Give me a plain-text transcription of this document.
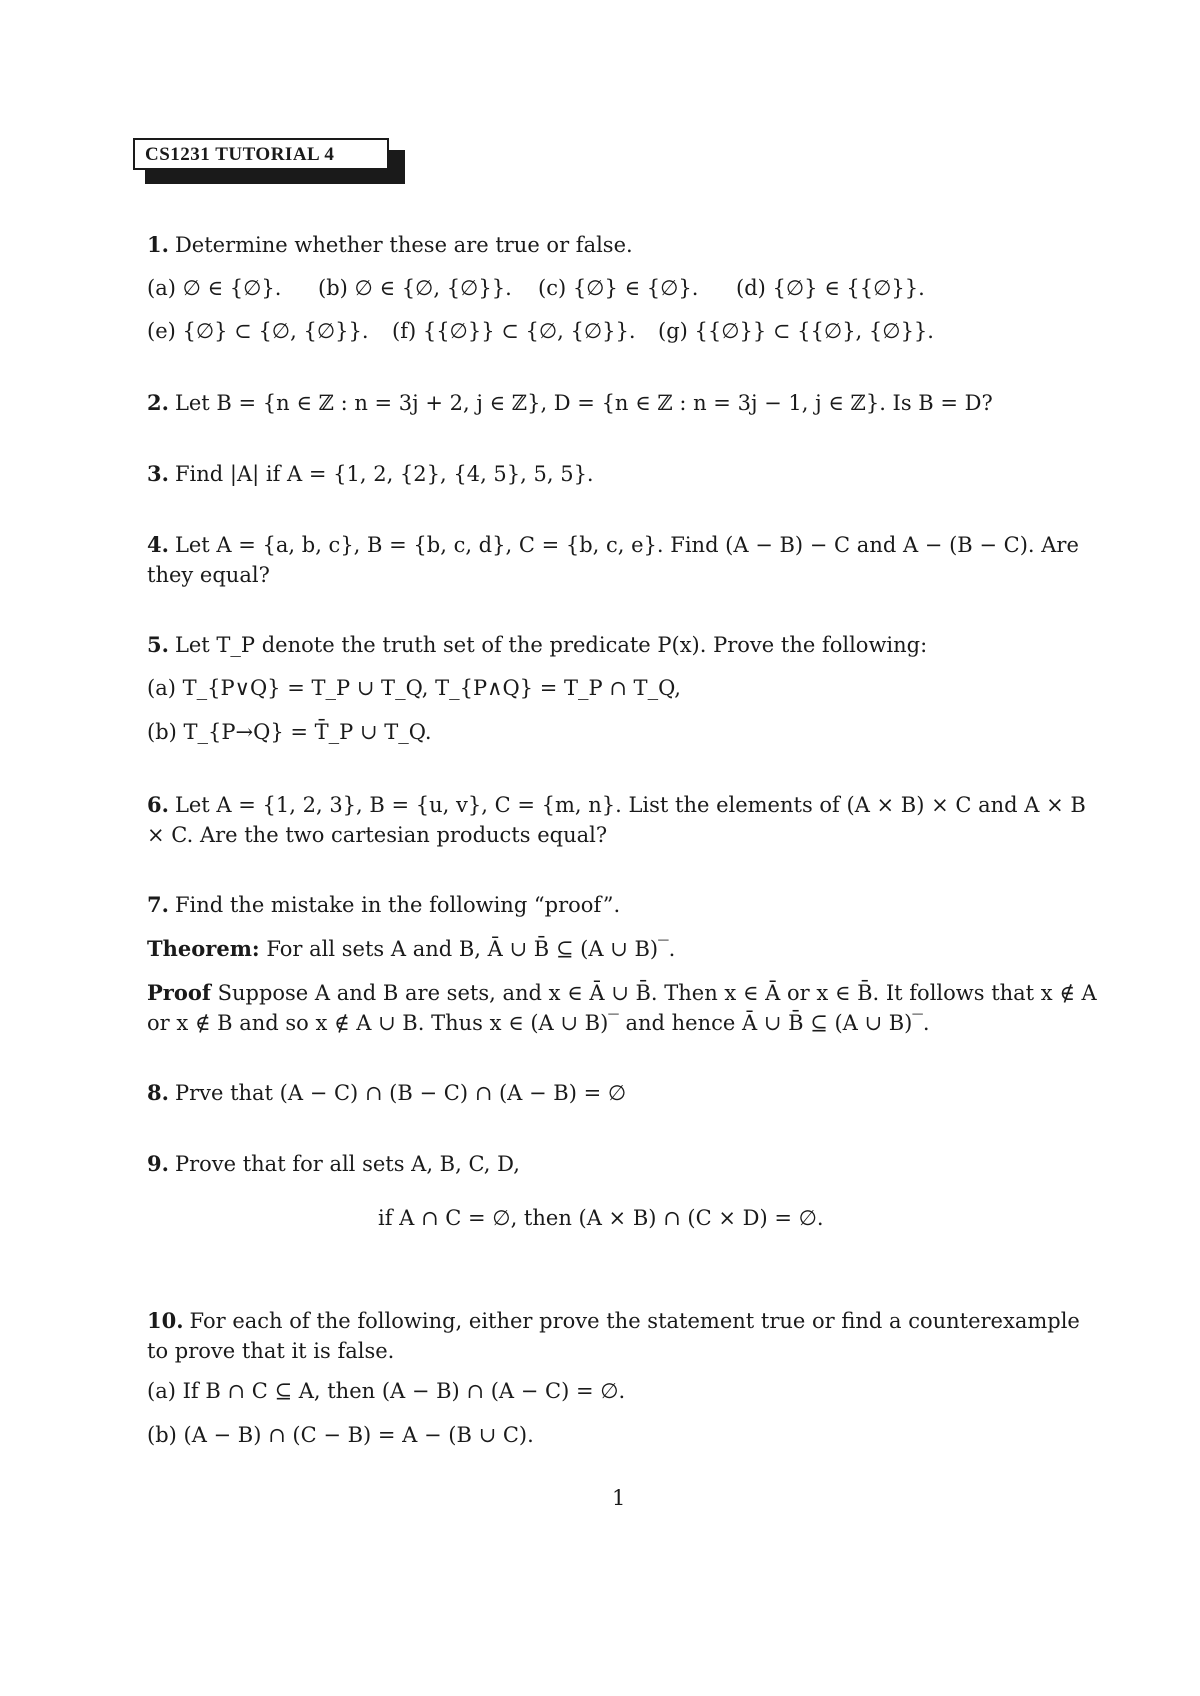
CS1231 TUTORIAL 4
1. Determine whether these are true or false.
(a) ∅ ∈ {∅}. (b) ∅ ∈ {∅, {∅}}. (c) {∅} ∈ {∅}. (d) {∅} ∈ {{∅}}.
(e) {∅} ⊂ {∅, {∅}}. (f) {{∅}} ⊂ {∅, {∅}}. (g) {{∅}} ⊂ {{∅}, {∅}}.
2. Let B = {n ∈ ℤ : n = 3j + 2, j ∈ ℤ}, D = {n ∈ ℤ : n = 3j − 1, j ∈ ℤ}. Is B = D?
3. Find |A| if A = {1, 2, {2}, {4, 5}, 5, 5}.
4. Let A = {a, b, c}, B = {b, c, d}, C = {b, c, e}. Find (A − B) − C and A − (B − C). Are they equal?
5. Let T_P denote the truth set of the predicate P(x). Prove the following:
(a) T_{P∨Q} = T_P ∪ T_Q, T_{P∧Q} = T_P ∩ T_Q,
(b) T_{P→Q} = T̄_P ∪ T_Q.
6. Let A = {1, 2, 3}, B = {u, v}, C = {m, n}. List the elements of (A × B) × C and A × B × C. Are the two cartesian products equal?
7. Find the mistake in the following “proof”.
Theorem: For all sets A and B, Ā ∪ B̄ ⊆ (A ∪ B)‾.
Proof Suppose A and B are sets, and x ∈ Ā ∪ B̄. Then x ∈ Ā or x ∈ B̄. It follows that x ∉ A or x ∉ B and so x ∉ A ∪ B. Thus x ∈ (A ∪ B)‾ and hence Ā ∪ B̄ ⊆ (A ∪ B)‾.
8. Prve that (A − C) ∩ (B − C) ∩ (A − B) = ∅
9. Prove that for all sets A, B, C, D,
if A ∩ C = ∅, then (A × B) ∩ (C × D) = ∅.
10. For each of the following, either prove the statement true or find a counterexample to prove that it is false.
(a) If B ∩ C ⊆ A, then (A − B) ∩ (A − C) = ∅.
(b) (A − B) ∩ (C − B) = A − (B ∪ C).
1
